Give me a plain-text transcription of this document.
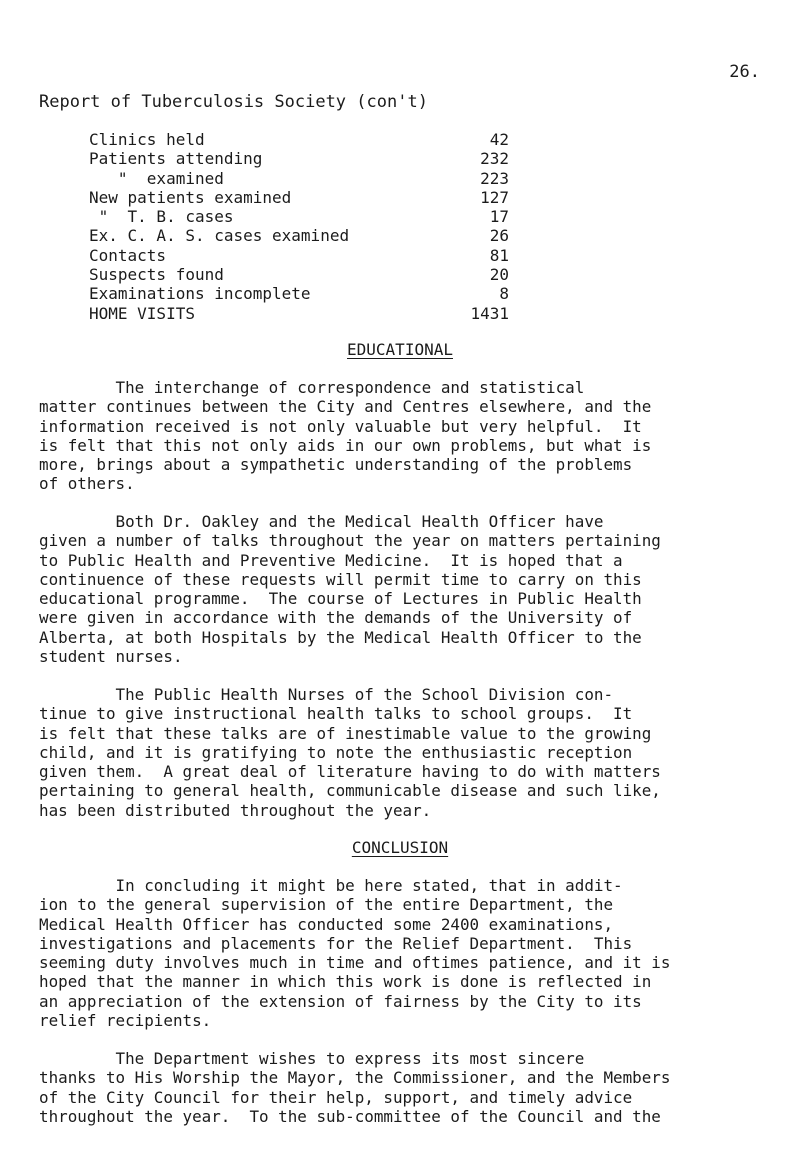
26.
Report of Tuberculosis Society (con't)
Clinics held	42
Patients attending	232
"  examined	223
New patients examined	127
"  T. B. cases	17
Ex. C. A. S. cases examined	26
Contacts	81
Suspects found	20
Examinations incomplete	8
HOME VISITS	1431
EDUCATIONAL
The interchange of correspondence and statistical
matter continues between the City and Centres elsewhere, and the
information received is not only valuable but very helpful.  It
is felt that this not only aids in our own problems, but what is
more, brings about a sympathetic understanding of the problems
of others.
Both Dr. Oakley and the Medical Health Officer have
given a number of talks throughout the year on matters pertaining
to Public Health and Preventive Medicine.  It is hoped that a
continuence of these requests will permit time to carry on this
educational programme.  The course of Lectures in Public Health
were given in accordance with the demands of the University of
Alberta, at both Hospitals by the Medical Health Officer to the
student nurses.
The Public Health Nurses of the School Division con-
tinue to give instructional health talks to school groups.  It
is felt that these talks are of inestimable value to the growing
child, and it is gratifying to note the enthusiastic reception
given them.  A great deal of literature having to do with matters
pertaining to general health, communicable disease and such like,
has been distributed throughout the year.
CONCLUSION
In concluding it might be here stated, that in addit-
ion to the general supervision of the entire Department, the
Medical Health Officer has conducted some 2400 examinations,
investigations and placements for the Relief Department.  This
seeming duty involves much in time and oftimes patience, and it is
hoped that the manner in which this work is done is reflected in
an appreciation of the extension of fairness by the City to its
relief recipients.
The Department wishes to express its most sincere
thanks to His Worship the Mayor, the Commissioner, and the Members
of the City Council for their help, support, and timely advice
throughout the year.  To the sub-committee of the Council and the
